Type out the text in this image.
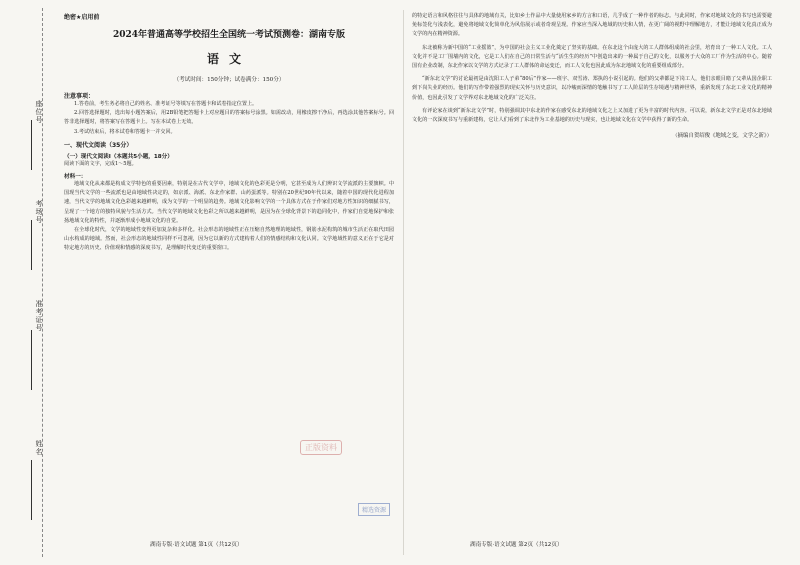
座位号
考场号
准考证号
姓名
绝密★启用前
2024年普通高等学校招生全国统一考试预测卷：湖南专版
语文
（考试时间：150分钟；试卷满分：150分）
注意事项：

1.答卷前，考生务必将自己的姓名、准考证号等填写在答题卡和试卷指定位置上。

2.回答选择题时，选出每小题答案后，用2B铅笔把答题卡上对应题目的答案标号涂黑。如需改动，用橡皮擦干净后，再选涂其他答案标号。回答非选择题时，将答案写在答题卡上。写在本试卷上无效。

3.考试结束后，将本试卷和答题卡一并交回。

一、现代文阅读（35分）
（一）现代文阅读Ⅰ（本题共5小题，18分）

阅读下面的文字，完成1～5题。

材料一：

地域文化从来都是构成文学特色的重要因素，特别是在古代文学中，地域文化的色彩更是分明，它甚至成为人们辨识文学流派的主要旗帜。中国现当代文学的一些流派也是由地域性决定的，如京派、海派、东北作家群、山药蛋派等。特别在20世纪90年代以来，随着中国的现代化进程加速，当代文学的地域文化色彩越来越鲜明，成为文学的一个明显的趋势。地域文化影响文学的一个具体方式在于作家们对地方性知识的细腻书写，呈现了一个地方的独特风貌与生活方式。当代文学的地域文化色彩之所以越来越鲜明，是因为在全球化背景下的趋同化中，作家们自觉地保护和张扬地域文化的特性，并逐渐形成小地域文化的自觉。

在全球化时代，文学的地域性变得更加复杂和多样化。社会形态的地域性正在压缩自然地理的地域性，钢筋水泥构筑的城市生活正在取代田园山水构成的地域。然而，社会形态的地域性同样不可忽视，因为它以新的方式建构着人们的情感结构和文化认同。文学地域性的意义正在于它是对特定地方的历史、价值观和情感的深度书写，是理解时代变迁的重要窗口。

的特定语言和风格往往与具体的地域有关，比如乡土作品中大量使用家乡的方言和口语，几乎成了一种作者的标志。与此同时，作家对地域文化的书写也需要避免标签化与浅表化，避免将地域文化简单化为风俗展示或者奇观呈现。作家应当深入地域的历史和人情，在更广阔的视野中理解地方，才能让地域文化真正成为文学的内在精神资源。

东北被称为新中国的“工业摇篮”，为中国的社会主义工业化奠定了坚实的基础。在东北这个由庞大的工人群体组成的社会里，培育出了一种工人文化。工人文化并不是工厂围墙内的文化，它是工人们在自己的日常生活与“活生生的经历”中创造出来的一种属于自己的文化，以服务于大众的工厂作为生活的中心。随着国有企业改制，东北作家以文学的方式记录了工人群体的命运变迁，而工人文化也因此成为东北地域文化的重要组成部分。

“新东北文学”的讨论最初是由沈阳工人子弟“80后”作家——班宇、双雪涛、郑执的小说引起的。他们的父辈都是下岗工人，他们亲眼目睹了父辈从国企职工到下岗失业的经历。他们的写作带着强烈的现实关怀与历史意识，以冷峻而深情的笔触书写了工人阶层的生存境遇与精神世界，重新发现了东北工业文化的精神价值，也因此引发了文学界对东北地域文化的广泛关注。

有评论家在谈到“新东北文学”时，特别强调其中东北的作家在感受东北的地域文化之上又加进了更为丰富的时代内容。可以说，新东北文学正是对东北地域文化的一次深度书写与重新建构，它让人们看到了东北作为工业基地的历史与现实，也让地域文化在文学中获得了新的生命。

（摘编自贺绍俊《地域之变，文学之新》）
湖南专版·语文试题 第1页（共12页）	湖南专版·语文试题 第2页（共12页）
正版资料
精选资源
